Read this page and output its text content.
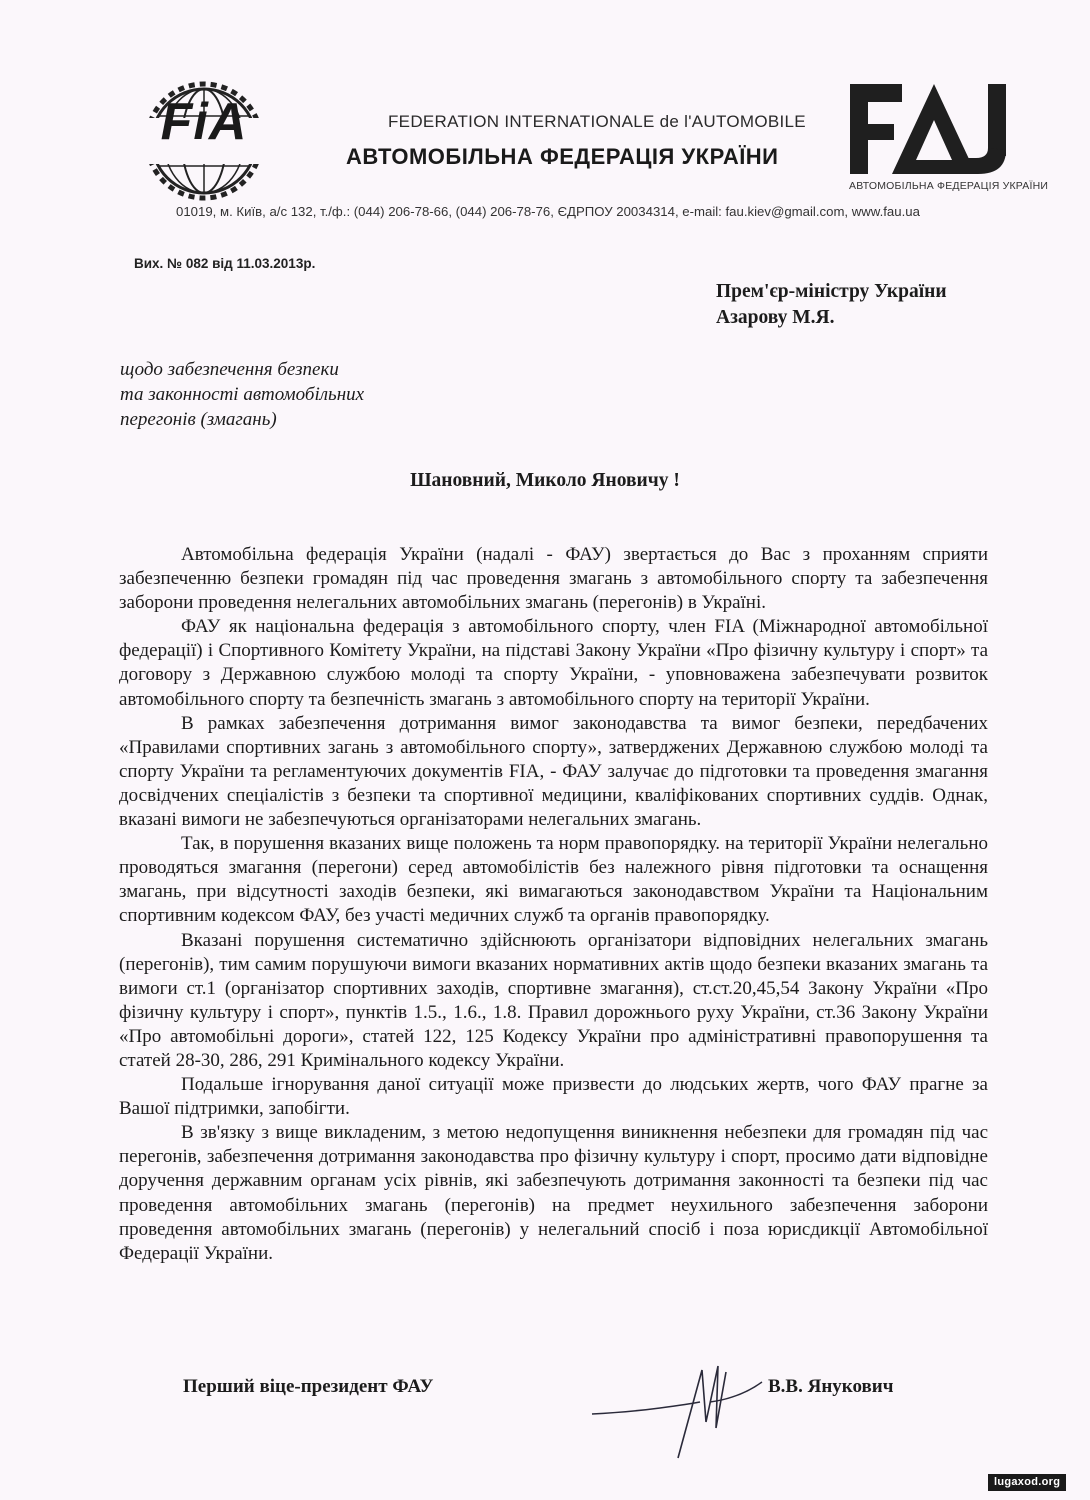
FiA	FEDERATION INTERNATIONALE de l'AUTOMOBILE
АВТОМОБІЛЬНА ФЕДЕРАЦІЯ УКРАЇНИ
АВТОМОБІЛЬНА ФЕДЕРАЦІЯ УКРАЇНИ
01019, м. Київ, а/с 132, т./ф.: (044) 206-78-66, (044) 206-78-76, ЄДРПОУ 20034314, e-mail: fau.kiev@gmail.com, www.fau.ua
Вих. № 082 від 11.03.2013р.
Прем'єр-міністру України
Азарову М.Я.
щодо забезпечення безпеки
та законності автомобільних
перегонів (змагань)
Шановний, Миколо Яновичу !

Автомобільна федерація України (надалі - ФАУ) звертається до Вас з проханням сприяти забезпеченню безпеки громадян під час проведення змагань з автомобільного спорту та забезпечення заборони проведення нелегальних автомобільних змагань (перегонів) в Україні.

ФАУ як національна федерація з автомобільного спорту, член FIA (Міжнародної автомобільної федерації) і Спортивного Комітету України, на підставі Закону України «Про фізичну культуру і спорт» та договору з Державною службою молоді та спорту України, - уповноважена забезпечувати розвиток автомобільного спорту та безпечність змагань з автомобільного спорту на території України.

В рамках забезпечення дотримання вимог законодавства та вимог безпеки, передбачених «Правилами спортивних загань з автомобільного спорту», затверджених Державною службою молоді та спорту України та регламентуючих документів FIA, - ФАУ залучає до підготовки та проведення змагання досвідчених спеціалістів з безпеки та спортивної медицини, кваліфікованих спортивних суддів. Однак, вказані вимоги не забезпечуються організаторами нелегальних змагань.

Так, в порушення вказаних вище положень та норм правопорядку. на території України нелегально проводяться змагання (перегони) серед автомобілістів без належного рівня підготовки та оснащення змагань, при відсутності заходів безпеки, які вимагаються законодавством України та Національним спортивним кодексом ФАУ, без участі медичних служб та органів правопорядку.

Вказані порушення систематично здійснюють організатори відповідних нелегальних змагань (перегонів), тим самим порушуючи вимоги вказаних нормативних актів щодо безпеки вказаних змагань та вимоги ст.1 (організатор спортивних заходів, спортивне змагання), ст.ст.20,45,54 Закону України «Про фізичну культуру і спорт», пунктів 1.5., 1.6., 1.8. Правил дорожнього руху України, ст.36 Закону України «Про автомобільні дороги», статей 122, 125 Кодексу України про адміністративні правопорушення та статей 28-30, 286, 291 Кримінального кодексу України.

Подальше ігнорування даної ситуації може призвести до людських жертв, чого ФАУ прагне за Вашої підтримки, запобігти.

В зв'язку з вище викладеним, з метою недопущення виникнення небезпеки для громадян під час перегонів, забезпечення дотримання законодавства про фізичну культуру і спорт, просимо дати відповідне доручення державним органам усіх рівнів, які забезпечують дотримання законності та безпеки під час проведення автомобільних змагань (перегонів) на предмет неухильного забезпечення заборони проведення автомобільних змагань (перегонів) у нелегальний спосіб і поза юрисдикції Автомобільної Федерації України.

Перший віце-президент ФАУ	В.В. Янукович
lugaxod.org
